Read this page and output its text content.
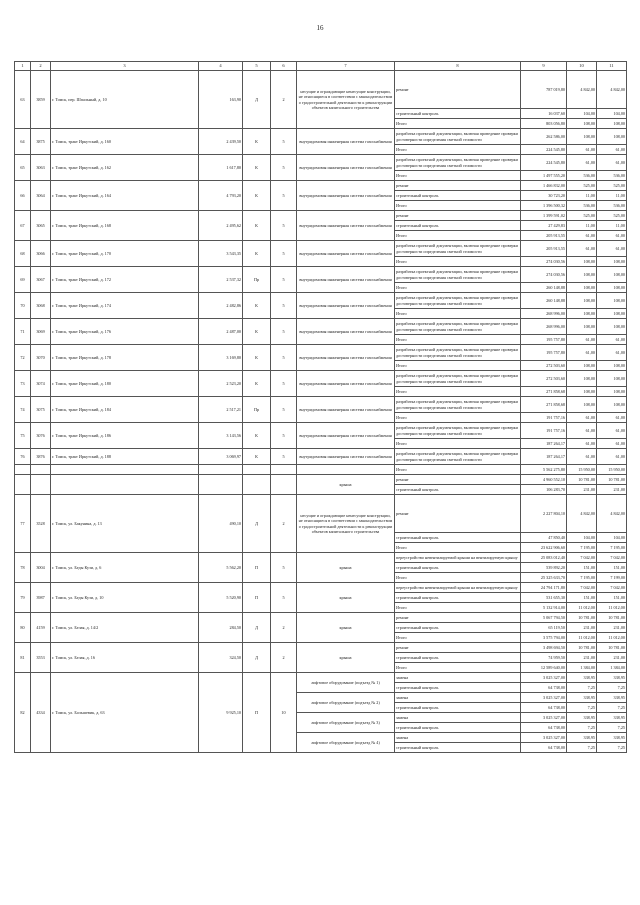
16
1	2	3	4	5	6	7	8	9	10	11
63	3859	г. Томск, пер. Шпальный, д. 10	163,90	Д	2	несущие и ограждающие ненесущие конструкции, не относящиеся в соответствии с законодательством о градостроительной деятельности к реконструкции объектов капитального строительства	ремонт	787 019,80	4 842,00	4 842,00
							строительный контроль	16 037,60	104,00	104,00
							Итого	803 056,80	108,00	108,00
64	3875	г. Томск, тракт Иркутский, д. 160	2 439,50	К	5	внутридомовая инженерная система газоснабжения	разработка проектной документации, включая проведение проверки достоверности определения сметной стоимости	262 586,00	108,00	108,00
							Итого	224 545,80	61,00	61,00
65	3063	г. Томск, тракт Иркутский, д. 162	1 617,80	К	5	внутридомовая инженерная система газоснабжения	разработка проектной документации, включая проведение проверки достоверности определения сметной стоимости	224 545,80	61,00	61,00
							Итого	1 497 555,20	536,00	536,00
66	3064	г. Томск, тракт Иркутский, д. 164	4 793,20	К	5	внутридомовая инженерная система газоснабжения	ремонт	1 466 832,00	525,00	525,00
							строительный контроль	30 723,20	11,00	11,00
							Итого	1 396 500,32	536,00	536,00
67	3065	г. Томск, тракт Иркутский, д. 168	2 495,62	К	5	внутридомовая инженерная система газоснабжения	ремонт	1 399 591,02	525,00	525,00
							строительный контроль	27 429,83	11,00	11,00
							Итого	205 913,55	61,00	61,00
68	3066	г. Томск, тракт Иркутский, д. 170	3 543,35	К	5	внутридомовая инженерная система газоснабжения	разработка проектной документации, включая проведение проверки достоверности определения сметной стоимости	205 913,55	61,00	61,00
							Итого	274 030,56	108,00	108,00
69	3067	г. Томск, тракт Иркутский, д. 172	2 537,32	Пр	5	внутридомовая инженерная система газоснабжения	разработка проектной документации, включая проведение проверки достоверности определения сметной стоимости	274 030,56	108,00	108,00
							Итого	260 148,88	108,00	108,00
70	3068	г. Томск, тракт Иркутский, д. 174	2 482,86	К	5	внутридомовая инженерная система газоснабжения	разработка проектной документации, включая проведение проверки достоверности определения сметной стоимости	260 148,88	108,00	108,00
							Итого	268 996,00	108,00	108,00
71	3069	г. Томск, тракт Иркутский, д. 176	2 487,00	К	5	внутридомовая инженерная система газоснабжения	разработка проектной документации, включая проведение проверки достоверности определения сметной стоимости	268 996,00	108,00	108,00
							Итого	195 757,80	61,00	61,00
72	3070	г. Томск, тракт Иркутский, д. 178	3 169,80	К	5	внутридомовая инженерная система газоснабжения	разработка проектной документации, включая проведение проверки достоверности определения сметной стоимости	195 757,80	61,00	61,00
							Итого	272 503,60	108,00	108,00
73	3074	г. Томск, тракт Иркутский, д. 180	2 523,20	К	5	внутридомовая инженерная система газоснабжения	разработка проектной документации, включая проведение проверки достоверности определения сметной стоимости	272 503,60	108,00	108,00
							Итого	271 858,68	108,00	108,00
74	3075	г. Томск, тракт Иркутский, д. 184	2 517,21	Пр	5	внутридомовая инженерная система газоснабжения	разработка проектной документации, включая проведение проверки достоверности определения сметной стоимости	271 858,68	108,00	108,00
							Итого	191 757,16	61,00	61,00
75	3076	г. Томск, тракт Иркутский, д. 186	3 143,56	К	5	внутридомовая инженерная система газоснабжения	разработка проектной документации, включая проведение проверки достоверности определения сметной стоимости	191 757,16	61,00	61,00
							Итого	187 264,17	61,00	61,00
76	3876	г. Томск, тракт Иркутский, д. 188	3 069,97	К	5	внутридомовая инженерная система газоснабжения	разработка проектной документации, включая проведение проверки достоверности определения сметной стоимости	187 264,17	61,00	61,00
							Итого	5 562 275,80	15 950,00	15 950,00
						крыша	ремонт	4 960 552,10	10 781,00	10 781,00
							строительный контроль	106 283,70	231,00	231,00
77	3528	г. Томск, ул. Бакунина, д. 13	490,10	Д	2	несущие и ограждающие ненесущие конструкции, не относящиеся в соответствии с законодательством о градостроительной деятельности к реконструкции объектов капитального строительства	ремонт	2 227 804,10	4 842,00	4 842,00
							строительный контроль	47 850,40	104,00	104,00
							Итого	23 622 906,60	7 195,00	7 195,00
78	3004	г. Томск, ул. Беды Кузи, д. 6	5 562,20	П	5	крыша	переустройство невентилируемой крыши на вентилируемую крышу	25 083 012,40	7 042,00	7 042,00
							строительный контроль	539 892,20	151,00	151,00
							Итого	25 325 633,70	7 195,00	7 199,00
79	3987	г. Томск, ул. Беды Кузи, д. 10	5 520,90	П	5	крыша	переустройство невентилируемой крыши на вентилируемую крышу	24 794 171,80	7 042,00	7 042,00
							строительный контроль	531 655,30	151,00	151,00
							Итого	5 132 914,00	11 012,00	11 012,00
80	4159	г. Томск, ул. Белая, д. 14/2	284,50	Д	2	крыша	ремонт	5 067 794,50	10 781,00	10 781,00
							строительный контроль	65 119,50	231,00	231,00
							Итого	3 575 794,00	11 012,00	11 012,00
81	3553	г. Томск, ул. Белая, д. 16	324,50	Д	2	крыша	ремонт	3 498 694,50	10 781,00	10 781,00
							строительный контроль	74 959,50	231,00	231,00
							Итого	12 589 640,00	1 384,00	1 384,00
82	4334	г. Томск, ул. Большевик, д. 63	9 925,10	П	10	лифтовое оборудование (подъезд № 1)	замена	3 025 327,00	338,95	338,95
							строительный контроль	64 738,00	7,25	7,25
						лифтовое оборудование (подъезд № 2)	замена	3 025 327,00	338,95	338,95
							строительный контроль	64 738,00	7,25	7,25
						лифтовое оборудование (подъезд № 3)	замена	3 025 327,00	338,95	338,95
							строительный контроль	64 738,00	7,25	7,25
						лифтовое оборудование (подъезд № 4)	замена	3 025 327,00	338,95	338,95
							строительный контроль	64 738,00	7,25	7,25
